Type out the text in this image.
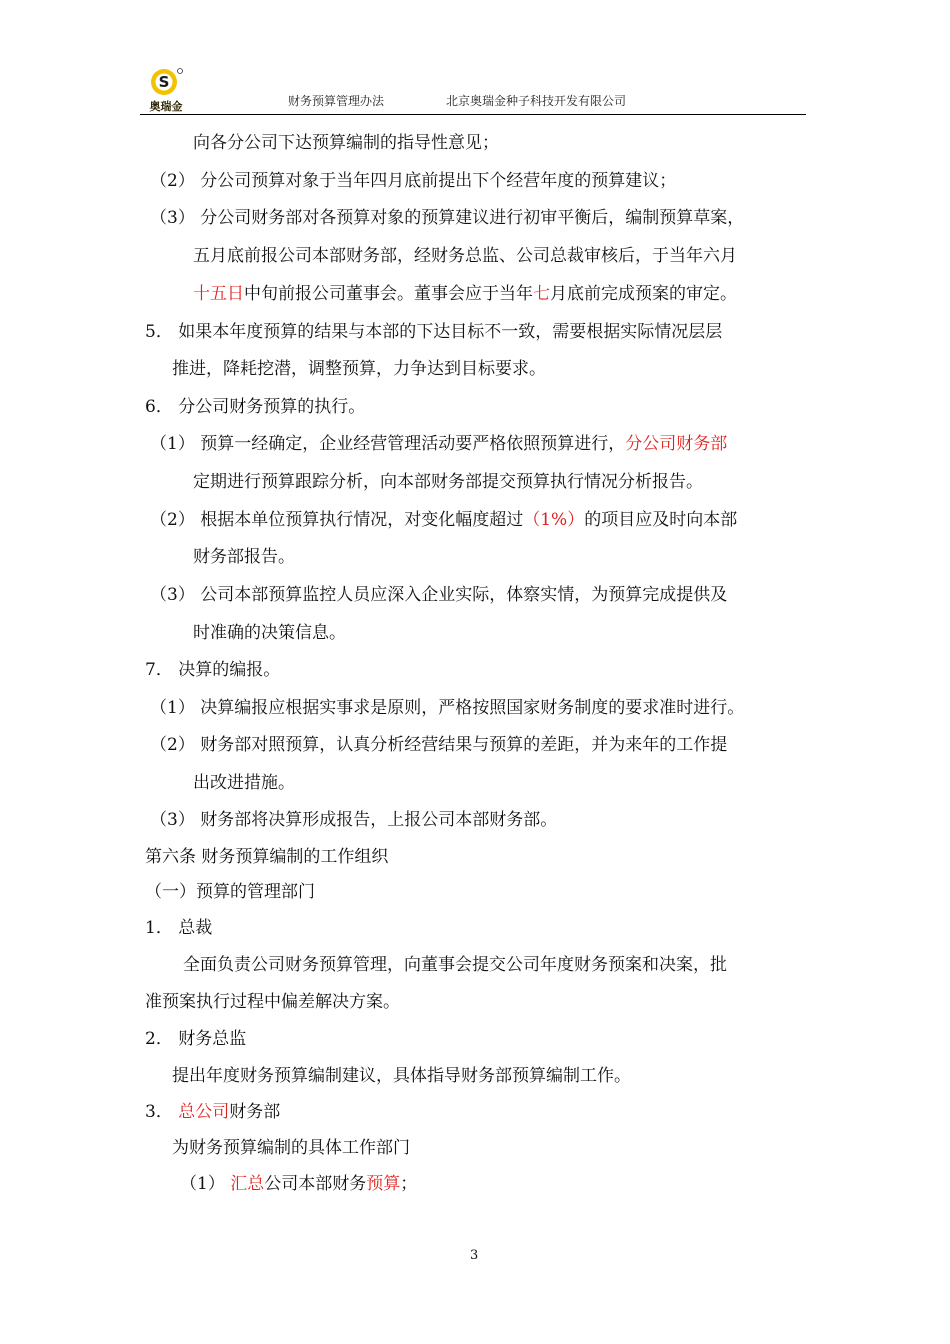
S
奥瑞金	财务预算管理办法	北京奥瑞金种子科技开发有限公司
向各分公司下达预算编制的指导性意见；
（2） 分公司预算对象于当年四月底前提出下个经营年度的预算建议；
（3） 分公司财务部对各预算对象的预算建议进行初审平衡后，编制预算草案，
五月底前报公司本部财务部，经财务总监、公司总裁审核后，于当年六月
十五日中旬前报公司董事会。董事会应于当年七月底前完成预案的审定。
5． 如果本年度预算的结果与本部的下达目标不一致，需要根据实际情况层层
推进，降耗挖潜，调整预算，力争达到目标要求。
6． 分公司财务预算的执行。
（1） 预算一经确定，企业经营管理活动要严格依照预算进行，分公司财务部
定期进行预算跟踪分析，向本部财务部提交预算执行情况分析报告。
（2） 根据本单位预算执行情况，对变化幅度超过（1%）的项目应及时向本部
财务部报告。
（3） 公司本部预算监控人员应深入企业实际，体察实情，为预算完成提供及
时准确的决策信息。
7． 决算的编报。
（1） 决算编报应根据实事求是原则，严格按照国家财务制度的要求准时进行。
（2） 财务部对照预算，认真分析经营结果与预算的差距，并为来年的工作提
出改进措施。
（3） 财务部将决算形成报告，上报公司本部财务部。
第六条 财务预算编制的工作组织
（一）预算的管理部门
1． 总裁
全面负责公司财务预算管理，向董事会提交公司年度财务预案和决案，批
准预案执行过程中偏差解决方案。
2． 财务总监
提出年度财务预算编制建议，具体指导财务部预算编制工作。
3． 总公司财务部
为财务预算编制的具体工作部门
（1） 汇总公司本部财务预算；
3
